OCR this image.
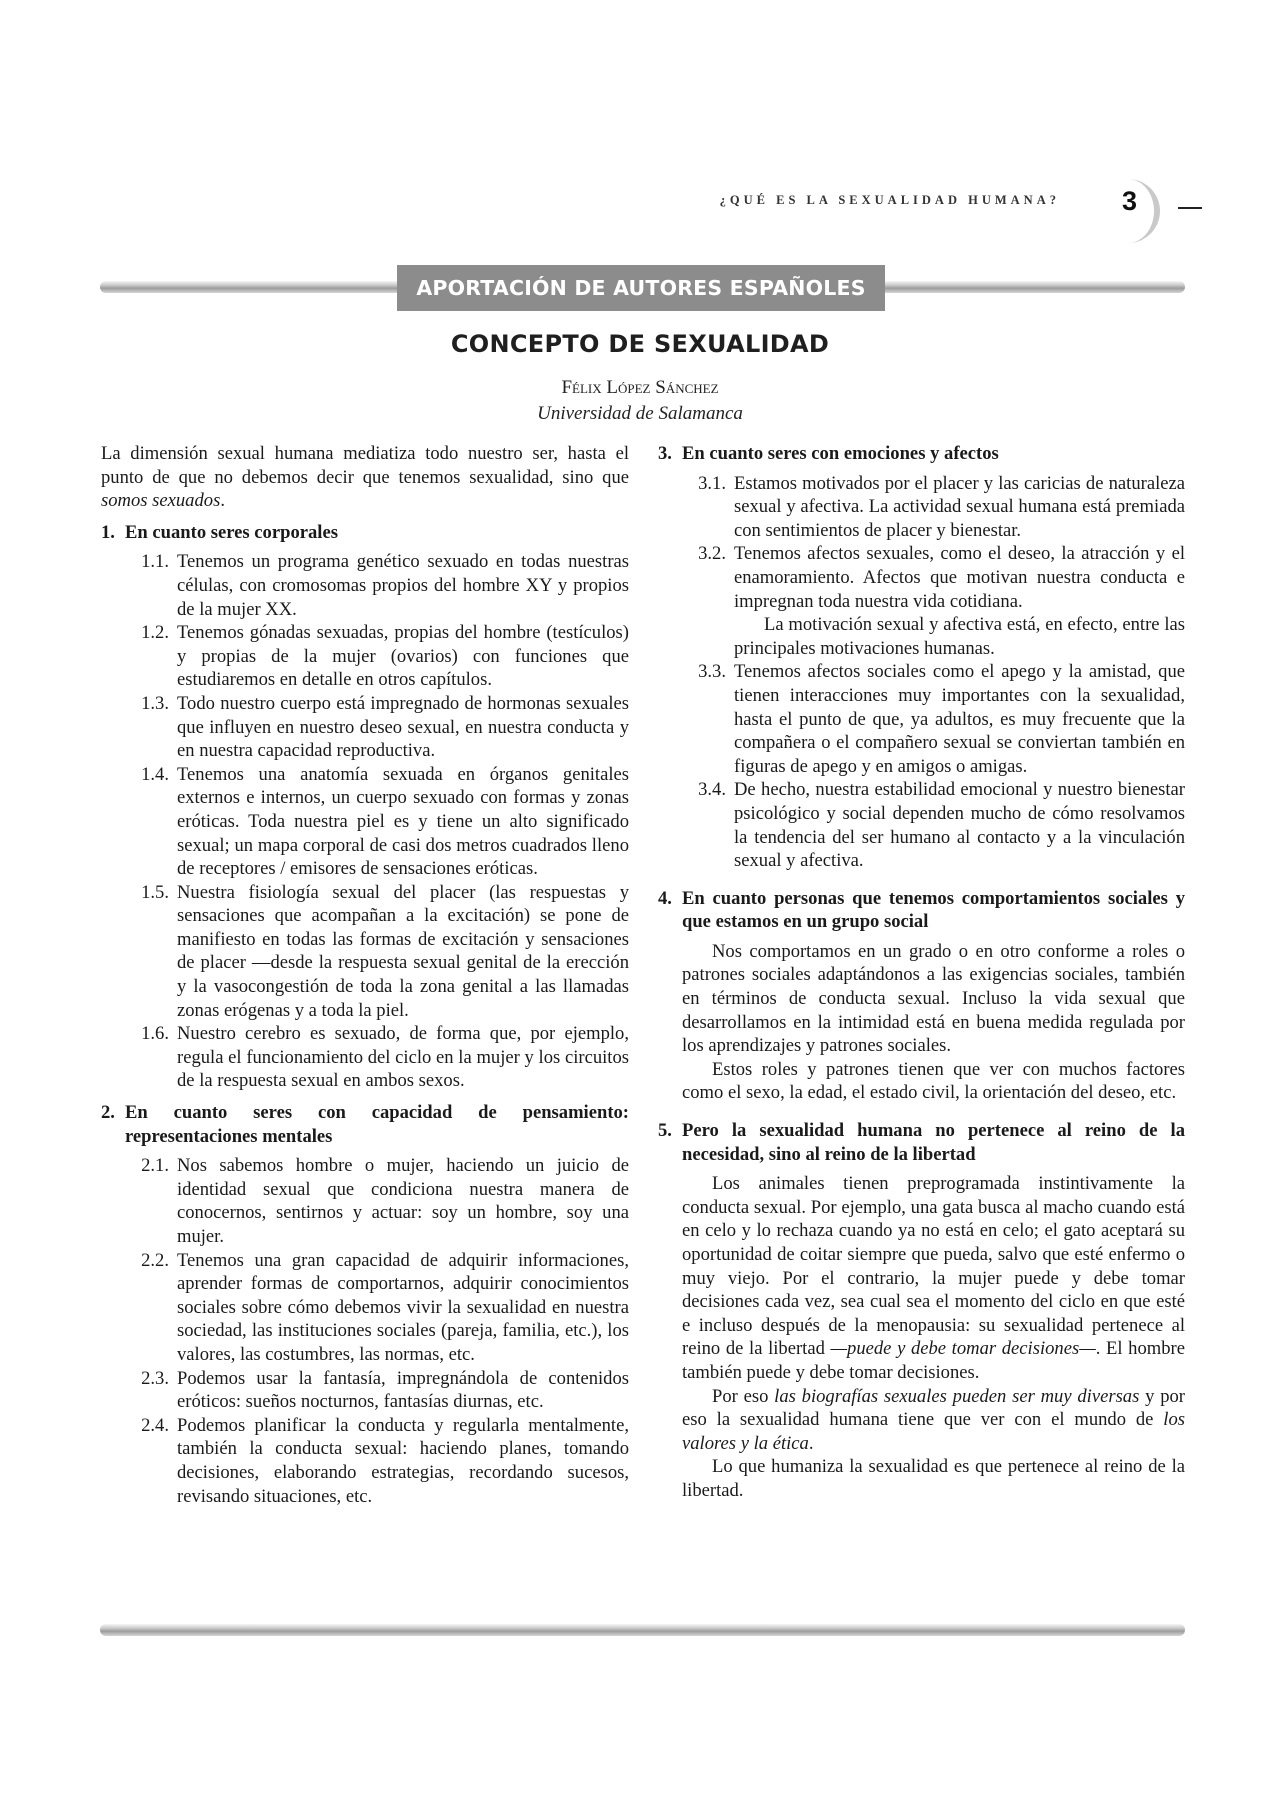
¿QUÉ ES LA SEXUALIDAD HUMANA? 3
APORTACIÓN DE AUTORES ESPAÑOLES
CONCEPTO DE SEXUALIDAD
Félix López Sánchez
Universidad de Salamanca

La dimensión sexual humana mediatiza todo nuestro ser, hasta el punto de que no debemos decir que tenemos sexualidad, sino que somos sexuados.

1. En cuanto seres corporales
1.1. Tenemos un programa genético sexuado en todas nuestras células, con cromosomas propios del hombre XY y propios de la mujer XX.
1.2. Tenemos gónadas sexuadas, propias del hombre (testículos) y propias de la mujer (ovarios) con funciones que estudiaremos en detalle en otros capítulos.
1.3. Todo nuestro cuerpo está impregnado de hormonas sexuales que influyen en nuestro deseo sexual, en nuestra conducta y en nuestra capacidad reproductiva.
1.4. Tenemos una anatomía sexuada en órganos genitales externos e internos, un cuerpo sexuado con formas y zonas eróticas. Toda nuestra piel es y tiene un alto significado sexual; un mapa corporal de casi dos metros cuadrados lleno de receptores / emisores de sensaciones eróticas.
1.5. Nuestra fisiología sexual del placer (las respuestas y sensaciones que acompañan a la excitación) se pone de manifiesto en todas las formas de excitación y sensaciones de placer —desde la respuesta sexual genital de la erección y la vasocongestión de toda la zona genital a las llamadas zonas erógenas y a toda la piel.
1.6. Nuestro cerebro es sexuado, de forma que, por ejemplo, regula el funcionamiento del ciclo en la mujer y los circuitos de la respuesta sexual en ambos sexos.
2. En cuanto seres con capacidad de pensamiento: representaciones mentales
2.1. Nos sabemos hombre o mujer, haciendo un juicio de identidad sexual que condiciona nuestra manera de conocernos, sentirnos y actuar: soy un hombre, soy una mujer.
2.2. Tenemos una gran capacidad de adquirir informaciones, aprender formas de comportarnos, adquirir conocimientos sociales sobre cómo debemos vivir la sexualidad en nuestra sociedad, las instituciones sociales (pareja, familia, etc.), los valores, las costumbres, las normas, etc.
2.3. Podemos usar la fantasía, impregnándola de contenidos eróticos: sueños nocturnos, fantasías diurnas, etc.
2.4. Podemos planificar la conducta y regularla mentalmente, también la conducta sexual: haciendo planes, tomando decisiones, elaborando estrategias, recordando sucesos, revisando situaciones, etc.
3. En cuanto seres con emociones y afectos
3.1. Estamos motivados por el placer y las caricias de naturaleza sexual y afectiva. La actividad sexual humana está premiada con sentimientos de placer y bienestar.
3.2. Tenemos afectos sexuales, como el deseo, la atracción y el enamoramiento. Afectos que motivan nuestra conducta e impregnan toda nuestra vida cotidiana.

La motivación sexual y afectiva está, en efecto, entre las principales motivaciones humanas.

3.3. Tenemos afectos sociales como el apego y la amistad, que tienen interacciones muy importantes con la sexualidad, hasta el punto de que, ya adultos, es muy frecuente que la compañera o el compañero sexual se conviertan también en figuras de apego y en amigos o amigas.
3.4. De hecho, nuestra estabilidad emocional y nuestro bienestar psicológico y social dependen mucho de cómo resolvamos la tendencia del ser humano al contacto y a la vinculación sexual y afectiva.
4. En cuanto personas que tenemos comportamientos sociales y que estamos en un grupo social

Nos comportamos en un grado o en otro conforme a roles o patrones sociales adaptándonos a las exigencias sociales, también en términos de conducta sexual. Incluso la vida sexual que desarrollamos en la intimidad está en buena medida regulada por los aprendizajes y patrones sociales.

Estos roles y patrones tienen que ver con muchos factores como el sexo, la edad, el estado civil, la orientación del deseo, etc.

5. Pero la sexualidad humana no pertenece al reino de la necesidad, sino al reino de la libertad

Los animales tienen preprogramada instintivamente la conducta sexual. Por ejemplo, una gata busca al macho cuando está en celo y lo rechaza cuando ya no está en celo; el gato aceptará su oportunidad de coitar siempre que pueda, salvo que esté enfermo o muy viejo. Por el contrario, la mujer puede y debe tomar decisiones cada vez, sea cual sea el momento del ciclo en que esté e incluso después de la menopausia: su sexualidad pertenece al reino de la libertad —puede y debe tomar decisiones—. El hombre también puede y debe tomar decisiones.

Por eso las biografías sexuales pueden ser muy diversas y por eso la sexualidad humana tiene que ver con el mundo de los valores y la ética.

Lo que humaniza la sexualidad es que pertenece al reino de la libertad.
